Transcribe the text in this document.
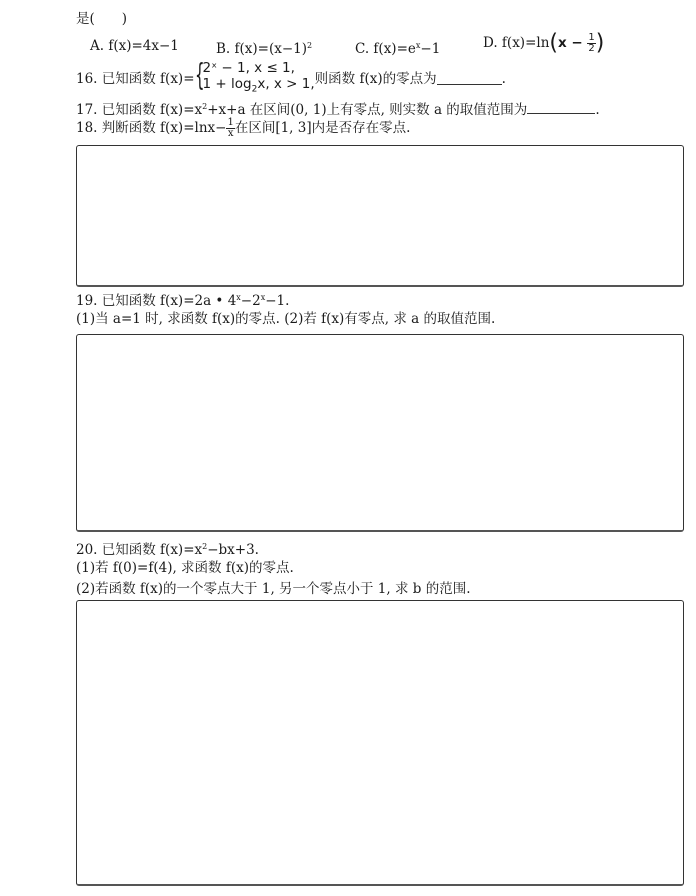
是(　　)
A. f(x)=4x−1	B. $f(x)=(x-1)^2$	C. $f(x)=e^x-1$	D. $f(x)=\ln(x - \frac{1}{2}$ )
16. 已知函数 f(x)= {
2ˣ − 1, x ≤ 1,
$1 + \log_2x$, x > 1, 则函数 f(x)的零点为	.
17. 已知函数 $f(x)=x^2+x+a$ 在区间(0, 1)上有零点, 则实数 a 的取值范围为	.
18. 判断函数 $f(x)=\ln x- \frac{1}{x}$ 在区间[1, 3]内是否存在零点.
19. 已知函数 f(x)=2a • $4^x-2^x-1$.
(1)当 a=1 时, 求函数 f(x)的零点. (2)若 f(x)有零点, 求 a 的取值范围.
20. 已知函数 $f(x)=x^2-bx+3$.
(1)若 f(0)=f(4), 求函数 f(x)的零点.
(2)若函数 f(x)的一个零点大于 1, 另一个零点小于 1, 求 b 的范围.
